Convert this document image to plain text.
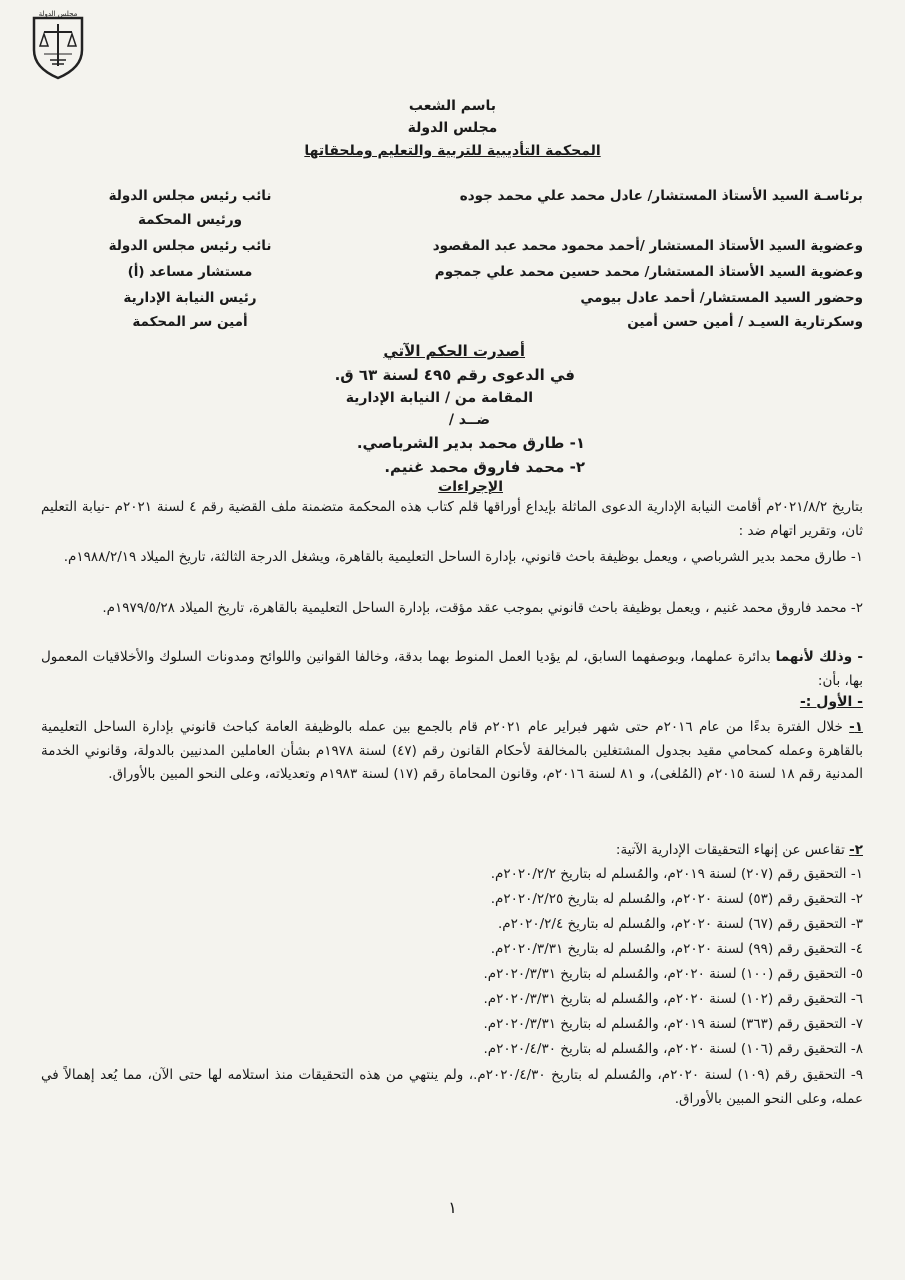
مجلس الدولة
باسم الشعب
مجلس الدولة
المحكمة التأديبية للتربية والتعليم وملحقاتها
برئاسـة السيد الأستاذ المستشار/ عادل محمد علي محمد جوده
وعضوية السيد الأستاذ المستشار /أحمد محمود محمد عبد المقصود
وعضوية السيد الأستاذ المستشار/ محمد حسين محمد علي جمجوم
وحضور السيد المستشار/ أحمد عادل بيومي
وسكرتارية السيـد / أمين حسن أمين
نائب رئيس مجلس الدولة
ورئيس المحكمة
نائب رئيس مجلس الدولة
مستشار مساعد (أ)
رئيس النيابة الإدارية
أمين سر المحكمة
أصدرت الحكم الآتي
في الدعوى رقم ٤٩٥ لسنة ٦٣ ق.
المقامة من / النيابة الإدارية
ضــد /
١- طارق محمد بدير الشرباصي.
٢- محمد فاروق محمد غنيم.
الإجراءات
بتاريخ ٢٠٢١/٨/٢م أقامت النيابة الإدارية الدعوى الماثلة بإيداع أوراقها قلم كتاب هذه المحكمة متضمنة ملف القضية رقم ٤ لسنة ٢٠٢١م -نيابة التعليم ثان، وتقرير اتهام ضد :
١- طارق محمد بدير الشرباصي ، ويعمل بوظيفة باحث قانوني، بإدارة الساحل التعليمية بالقاهرة، ويشغل الدرجة الثالثة، تاريخ الميلاد ١٩٨٨/٢/١٩م.
٢- محمد فاروق محمد غنيم ، ويعمل بوظيفة باحث قانوني بموجب عقد مؤقت، بإدارة الساحل التعليمية بالقاهرة، تاريخ الميلاد ١٩٧٩/٥/٢٨م.
- وذلك لأنهما بدائرة عملهما، وبوصفهما السابق، لم يؤديا العمل المنوط بهما بدقة، وخالفا القوانين واللوائح ومدونات السلوك والأخلاقيات المعمول بها، بأن:
- الأول :-
١- خلال الفترة بدءًا من عام ٢٠١٦م حتى شهر فبراير عام ٢٠٢١م قام بالجمع بين عمله بالوظيفة العامة كباحث قانوني بإدارة الساحل التعليمية بالقاهرة وعمله كمحامي مقيد بجدول المشتغلين بالمخالفة لأحكام القانون رقم (٤٧) لسنة ١٩٧٨م بشأن العاملين المدنيين بالدولة، وقانوني الخدمة المدنية رقم ١٨ لسنة ٢٠١٥م (المُلغى)، و ٨١ لسنة ٢٠١٦م، وقانون المحاماة رقم (١٧) لسنة ١٩٨٣م وتعديلاته، وعلى النحو المبين بالأوراق.
٢- تقاعس عن إنهاء التحقيقات الإدارية الآتية:
١- التحقيق رقم (٢٠٧) لسنة ٢٠١٩م، والمُسلم له بتاريخ ٢٠٢٠/٢/٢م.
٢- التحقيق رقم (٥٣) لسنة ٢٠٢٠م، والمُسلم له بتاريخ ٢٠٢٠/٢/٢٥م.
٣- التحقيق رقم (٦٧) لسنة ٢٠٢٠م، والمُسلم له بتاريخ ٢٠٢٠/٢/٤م.
٤- التحقيق رقم (٩٩) لسنة ٢٠٢٠م، والمُسلم له بتاريخ ٢٠٢٠/٣/٣١م.
٥- التحقيق رقم (١٠٠) لسنة ٢٠٢٠م، والمُسلم له بتاريخ ٢٠٢٠/٣/٣١م.
٦- التحقيق رقم (١٠٢) لسنة ٢٠٢٠م، والمُسلم له بتاريخ ٢٠٢٠/٣/٣١م.
٧- التحقيق رقم (٣٦٣) لسنة ٢٠١٩م، والمُسلم له بتاريخ ٢٠٢٠/٣/٣١م.
٨- التحقيق رقم (١٠٦) لسنة ٢٠٢٠م، والمُسلم له بتاريخ ٢٠٢٠/٤/٣٠م.
٩- التحقيق رقم (١٠٩) لسنة ٢٠٢٠م، والمُسلم له بتاريخ ٢٠٢٠/٤/٣٠م.، ولم ينتهي من هذه التحقيقات منذ استلامه لها حتى الآن، مما يُعد إهمالاً في عمله، وعلى النحو المبين بالأوراق.
١
